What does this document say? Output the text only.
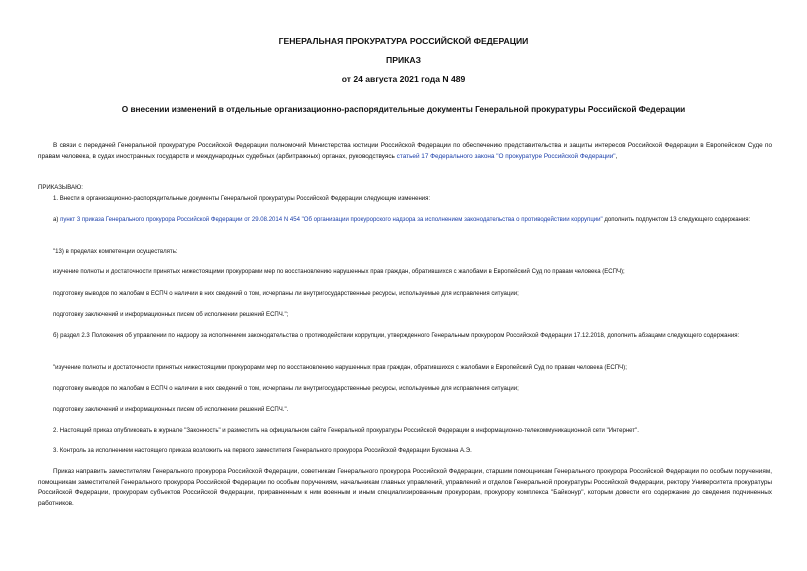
ГЕНЕРАЛЬНАЯ ПРОКУРАТУРА РОССИЙСКОЙ ФЕДЕРАЦИИ
ПРИКАЗ
от 24 августа 2021 года N 489
О внесении изменений в отдельные организационно-распорядительные документы Генеральной прокуратуры Российской Федерации

В связи с передачей Генеральной прокуратуре Российской Федерации полномочий Министерства юстиции Российской Федерации по обеспечению представительства и защиты интересов Российской Федерации в Европейском Суде по правам человека, в судах иностранных государств и международных судебных (арбитражных) органах, руководствуясь статьей 17 Федерального закона "О прокуратуре Российской Федерации",

ПРИКАЗЫВАЮ:

1. Внести в организационно-распорядительные документы Генеральной прокуратуры Российской Федерации следующие изменения:

а) пункт 3 приказа Генерального прокурора Российской Федерации от 29.08.2014 N 454 "Об организации прокурорского надзора за исполнением законодательства о противодействии коррупции" дополнить подпунктом 13 следующего содержания:

"13) в пределах компетенции осуществлять:

изучение полноты и достаточности принятых нижестоящими прокурорами мер по восстановлению нарушенных прав граждан, обратившихся с жалобами в Европейский Суд по правам человека (ЕСПЧ);

подготовку выводов по жалобам в ЕСПЧ о наличии в них сведений о том, исчерпаны ли внутригосударственные ресурсы, используемые для исправления ситуации;

подготовку заключений и информационных писем об исполнении решений ЕСПЧ.";

б) раздел 2.3 Положения об управлении по надзору за исполнением законодательства о противодействии коррупции, утвержденного Генеральным прокурором Российской Федерации 17.12.2018, дополнить абзацами следующего содержания:

"изучение полноты и достаточности принятых нижестоящими прокурорами мер по восстановлению нарушенных прав граждан, обратившихся с жалобами в Европейский Суд по правам человека (ЕСПЧ);

подготовку выводов по жалобам в ЕСПЧ о наличии в них сведений о том, исчерпаны ли внутригосударственные ресурсы, используемые для исправления ситуации;

подготовку заключений и информационных писем об исполнении решений ЕСПЧ.".

2. Настоящий приказ опубликовать в журнале "Законность" и разместить на официальном сайте Генеральной прокуратуры Российской Федерации в информационно-телекоммуникационной сети "Интернет".

3. Контроль за исполнением настоящего приказа возложить на первого заместителя Генерального прокурора Российской Федерации Буксмана А.Э.

Приказ направить заместителям Генерального прокурора Российской Федерации, советникам Генерального прокурора Российской Федерации, старшим помощникам Генерального прокурора Российской Федерации по особым поручениям, помощникам заместителей Генерального прокурора Российской Федерации по особым поручениям, начальникам главных управлений, управлений и отделов Генеральной прокуратуры Российской Федерации, ректору Университета прокуратуры Российской Федерации, прокурорам субъектов Российской Федерации, приравненным к ним военным и иным специализированным прокурорам, прокурору комплекса "Байконур", которым довести его содержание до сведения подчиненных работников.
